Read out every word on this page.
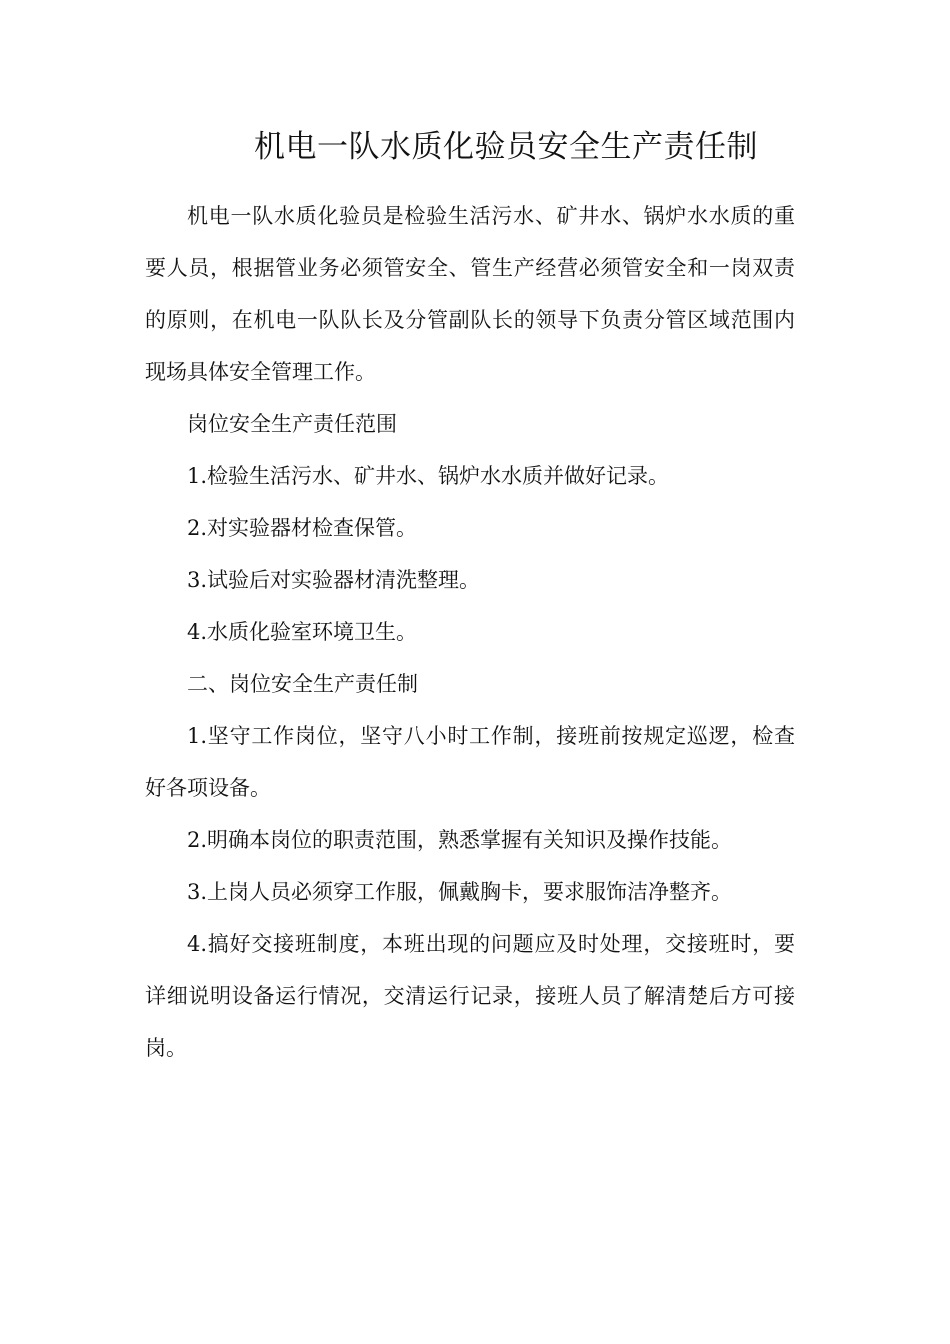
机电一队水质化验员安全生产责任制

机电一队水质化验员是检验生活污水、矿井水、锅炉水水质的重要人员，根据管业务必须管安全、管生产经营必须管安全和一岗双责的原则，在机电一队队长及分管副队长的领导下负责分管区域范围内现场具体安全管理工作。

岗位安全生产责任范围

1.检验生活污水、矿井水、锅炉水水质并做好记录。

2.对实验器材检查保管。

3.试验后对实验器材清洗整理。

4.水质化验室环境卫生。

二、岗位安全生产责任制

1.坚守工作岗位，坚守八小时工作制，接班前按规定巡逻，检查好各项设备。

2.明确本岗位的职责范围，熟悉掌握有关知识及操作技能。

3.上岗人员必须穿工作服，佩戴胸卡，要求服饰洁净整齐。

4.搞好交接班制度，本班出现的问题应及时处理，交接班时，要详细说明设备运行情况，交清运行记录，接班人员了解清楚后方可接岗。
